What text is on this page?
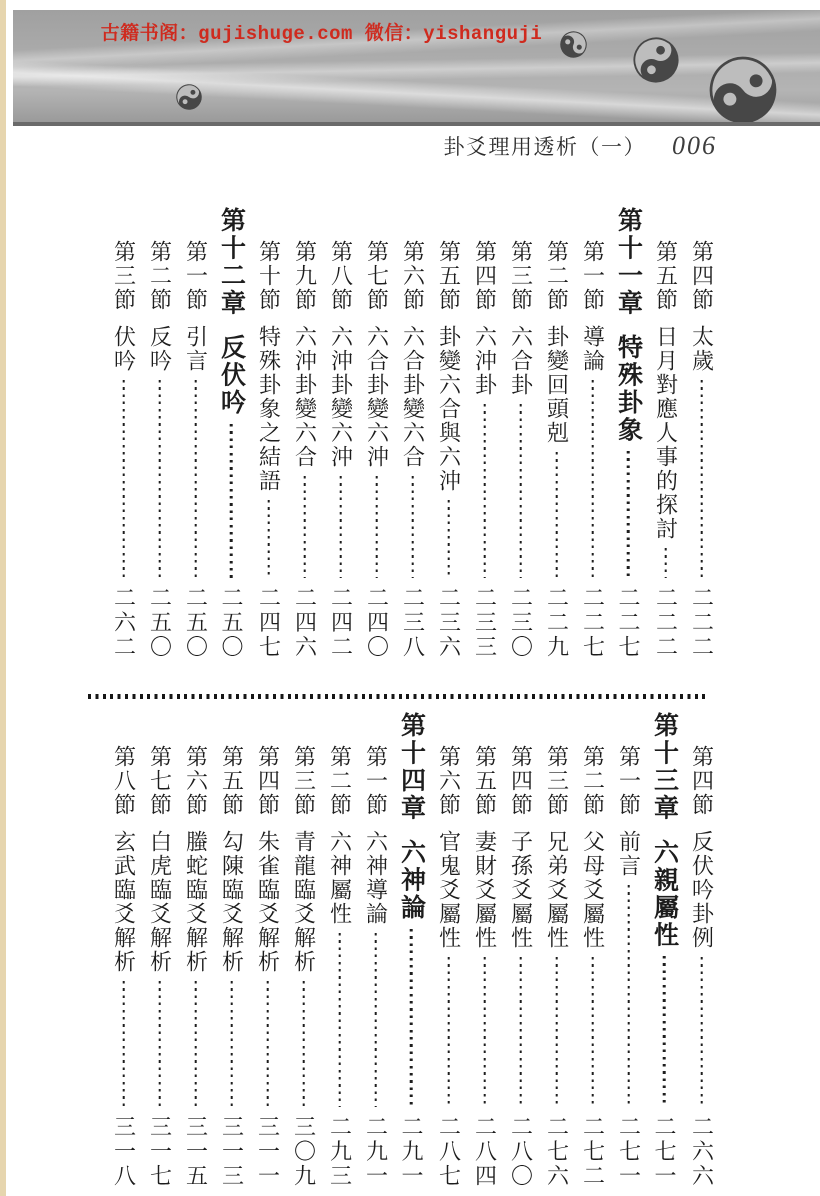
古籍书阁：gujishuge.com 微信：yishanguji
卦爻理用透析（一） 006
第四節
太歲
二二二
第五節
日月對應人事的探討
二二二
第十一章
特殊卦象
二二七
第一節
導論
二二七
第二節
卦變回頭剋
二二九
第三節
六合卦
二三〇
第四節
六沖卦
二三三
第五節
卦變六合與六沖
二三六
第六節
六合卦變六合
二三八
第七節
六合卦變六沖
二四〇
第八節
六沖卦變六沖
二四二
第九節
六沖卦變六合
二四六
第十節
特殊卦象之結語
二四七
第十二章
反伏吟
二五〇
第一節
引言
二五〇
第二節
反吟
二五〇
第三節
伏吟
二六二
第四節
反伏吟卦例
二六六
第十三章
六親屬性
二七一
第一節
前言
二七一
第二節
父母爻屬性
二七二
第三節
兄弟爻屬性
二七六
第四節
子孫爻屬性
二八〇
第五節
妻財爻屬性
二八四
第六節
官鬼爻屬性
二八七
第十四章
六神論
二九一
第一節
六神導論
二九一
第二節
六神屬性
二九三
第三節
青龍臨爻解析
三〇九
第四節
朱雀臨爻解析
三一一
第五節
勾陳臨爻解析
三一三
第六節
螣蛇臨爻解析
三一五
第七節
白虎臨爻解析
三一七
第八節
玄武臨爻解析
三一八
